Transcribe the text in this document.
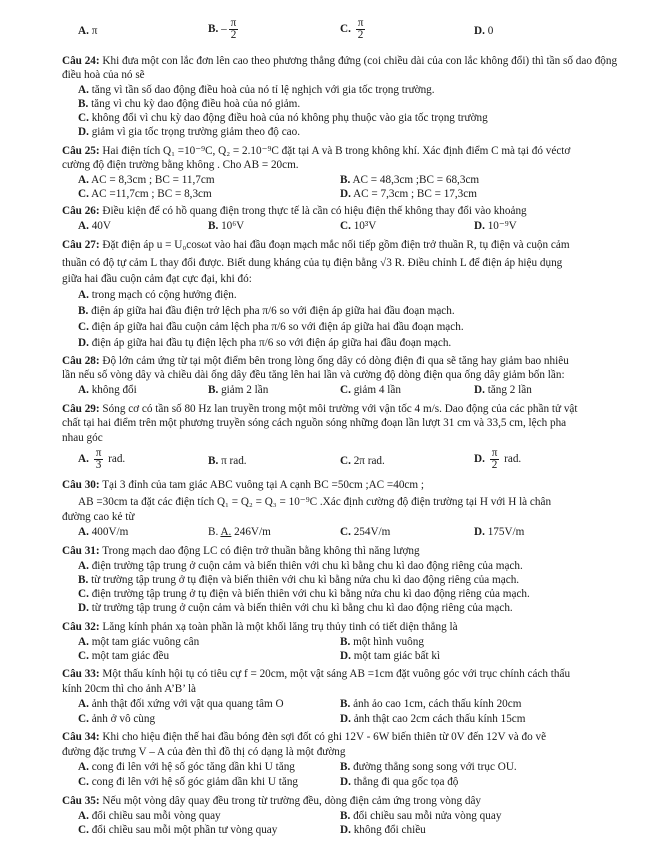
A. π	B. – $\frac{\pi}{2}$	C. $\frac{\pi}{2}$	D. 0
Câu 24: Khi đưa một con lắc đơn lên cao theo phương thẳng đứng (coi chiều dài của con lắc không đổi) thì tần số dao động điều hoà của nó sẽ
A. tăng vì tần số dao động điều hoà của nó tỉ lệ nghịch với gia tốc trọng trường.
B. tăng vì chu kỳ dao động điều hoà của nó giảm.
C. không đổi vì chu kỳ dao động điều hoà của nó không phụ thuộc vào gia tốc trọng trường
D. giảm vì gia tốc trọng trường giảm theo độ cao.
Câu 25: Hai điện tích Q₁ =10⁻⁹C, Q₂ = 2.10⁻⁹C đặt tại A và B trong không khí. Xác định điểm C mà tại đó véctơ
cường độ điện trường bằng không . Cho AB = 20cm.
A. AC = 8,3cm ; BC = 11,7cm	B. AC = 48,3cm ;BC = 68,3cm
C. AC =11,7cm ; BC = 8,3cm	D. AC = 7,3cm ; BC = 17,3cm
Câu 26: Điều kiện để có hồ quang điện trong thực tế là cần có hiệu điện thế không thay đổi vào khoảng
A. 40V	B. 10⁶V	C. 10³V	D. 10⁻⁹V
Câu 27: Đặt điện áp u = U₀cosωt vào hai đầu đoạn mạch mắc nối tiếp gồm điện trở thuần R, tụ điện và cuộn cảm
thuần có độ tự cảm L thay đổi được. Biết dung kháng của tụ điện bằng √3 R. Điều chỉnh L để điện áp hiệu dụng
giữa hai đầu cuộn cảm đạt cực đại, khi đó:
A. trong mạch có cộng hưởng điện.
B. điện áp giữa hai đầu điện trở lệch pha π/6 so với điện áp giữa hai đầu đoạn mạch.
C. điện áp giữa hai đầu cuộn cảm lệch pha π/6 so với điện áp giữa hai đầu đoạn mạch.
D. điện áp giữa hai đầu tụ điện lệch pha π/6 so với điện áp giữa hai đầu đoạn mạch.
Câu 28: Độ lớn cảm ứng từ tại một điểm bên trong lòng ống dây có dòng điện đi qua sẽ tăng hay giảm bao nhiêu
lần nếu số vòng dây và chiều dài ống dây đều tăng lên hai lần và cường độ dòng điện qua ống dây giảm bốn lần:
A. không đổi	B. giảm 2 lần	C. giảm 4 lần	D. tăng 2 lần
Câu 29: Sóng cơ có tần số 80 Hz lan truyền trong một môi trường với vận tốc 4 m/s. Dao động của các phần tử vật
chất tại hai điểm trên một phương truyền sóng cách nguồn sóng những đoạn lần lượt 31 cm và 33,5 cm, lệch pha
nhau góc
A. $\frac{\pi}{3}$ rad.	B. π rad.	C. 2π rad.	D. $\frac{\pi}{2}$ rad.
Câu 30: Tại 3 đỉnh của tam giác ABC vuông tại A cạnh BC =50cm ;AC =40cm ;
AB =30cm ta đặt các điện tích Q₁ = Q₂ = Q₃ = 10⁻⁹C .Xác định cường độ điện trường tại H với H là chân
đường cao kẻ từ
A. 400V/m	B. A. 246V/m	C. 254V/m	D. 175V/m
Câu 31: Trong mạch dao động LC có điện trở thuần bằng không thì năng lượng
A. điện trường tập trung ở cuộn cảm và biến thiên với chu kì bằng chu kì dao động riêng của mạch.
B. từ trường tập trung ở tụ điện và biến thiên với chu kì bằng nửa chu kì dao động riêng của mạch.
C. điện trường tập trung ở tụ điện và biến thiên với chu kì bằng nửa chu kì dao động riêng của mạch.
D. từ trường tập trung ở cuộn cảm và biến thiên với chu kì bằng chu kì dao động riêng của mạch.
Câu 32: Lăng kính phản xạ toàn phần là một khối lăng trụ thủy tinh có tiết diện thẳng là
A. một tam giác vuông cân	B. một hình vuông
C. một tam giác đều	D. một tam giác bất kì
Câu 33: Một thấu kính hội tụ có tiêu cự f = 20cm, một vật sáng AB =1cm đặt vuông góc với trục chính cách thấu
kính 20cm thì cho ảnh A’B’ là
A. ảnh thật đối xứng với vật qua quang tâm O	B. ảnh ảo cao 1cm, cách thấu kính 20cm
C. ảnh ở vô cùng	D. ảnh thật cao 2cm cách thấu kính 15cm
Câu 34: Khi cho hiệu điện thế hai đầu bóng đèn sợi đốt có ghi 12V - 6W biến thiên từ 0V đến 12V và đo vẽ
đường đặc trưng V – A của đèn thì đồ thị có dạng là một đường
A. cong đi lên với hệ số góc tăng dần khi U tăng	B. đường thẳng song song với trục OU.
C. cong đi lên với hệ số góc giảm dần khi U tăng	D. thẳng đi qua gốc tọa độ
Câu 35: Nếu một vòng dây quay đều trong từ trường đều, dòng điện cảm ứng trong vòng dây
A. đổi chiều sau mỗi vòng quay	B. đổi chiều sau mỗi nửa vòng quay
C. đổi chiều sau mỗi một phần tư vòng quay	D. không đổi chiều
